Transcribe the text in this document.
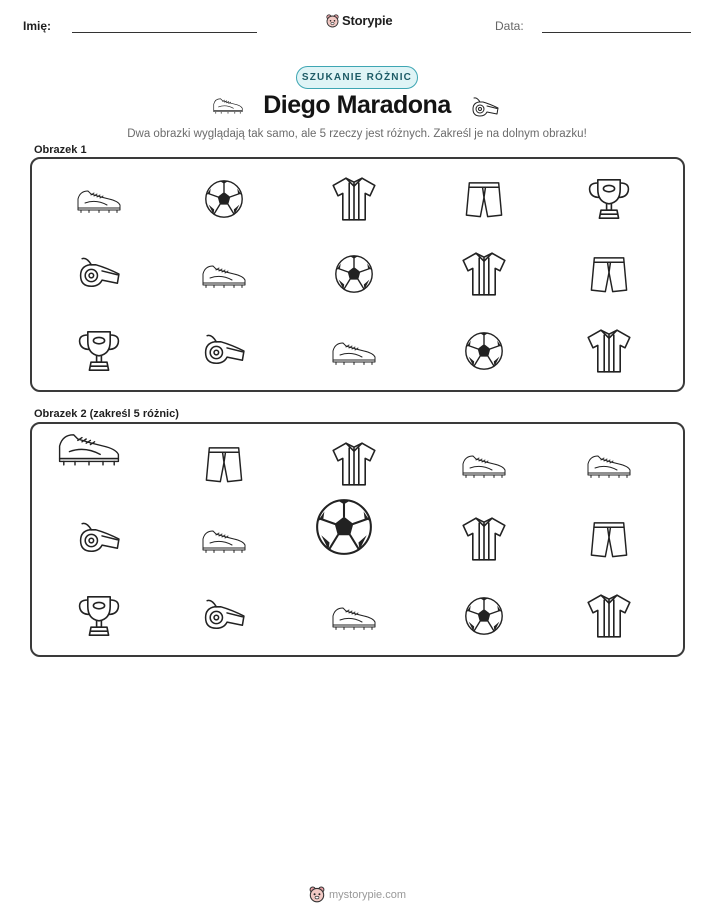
Imię:	Storypie	Data:
SZUKANIE RÓŻNIC
Diego Maradona
Dwa obrazki wyglądają tak samo, ale 5 rzeczy jest różnych. Zakreśl je na dolnym obrazku!
Obrazek 1
Obrazek 2 (zakreśl 5 różnic)
mystorypie.com
